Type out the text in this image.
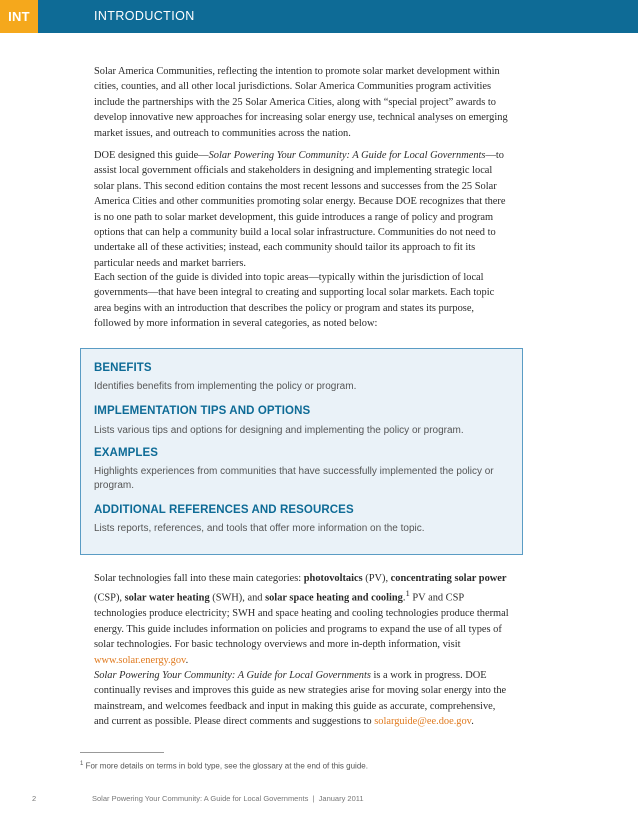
INT	INTRODUCTION

Solar America Communities, reflecting the intention to promote solar market development within cities, counties, and all other local jurisdictions. Solar America Communities program activities include the partnerships with the 25 Solar America Cities, along with “special project” awards to develop innovative new approaches for increasing solar energy use, technical analyses on emerging market issues, and outreach to communities across the nation.

DOE designed this guide—Solar Powering Your Community: A Guide for Local Governments—to assist local government officials and stakeholders in designing and implementing strategic local solar plans. This second edition contains the most recent lessons and successes from the 25 Solar America Cities and other communities promoting solar energy. Because DOE recognizes that there is no one path to solar market development, this guide introduces a range of policy and program options that can help a community build a local solar infrastructure. Communities do not need to undertake all of these activities; instead, each community should tailor its approach to fit its particular needs and market barriers.

Each section of the guide is divided into topic areas—typically within the jurisdiction of local governments—that have been integral to creating and supporting local solar markets. Each topic area begins with an introduction that describes the policy or program and states its purpose, followed by more information in several categories, as noted below:

BENEFITS

Identifies benefits from implementing the policy or program.

IMPLEMENTATION TIPS AND OPTIONS

Lists various tips and options for designing and implementing the policy or program.

EXAMPLES

Highlights experiences from communities that have successfully implemented the policy or program.

ADDITIONAL REFERENCES AND RESOURCES

Lists reports, references, and tools that offer more information on the topic.

Solar technologies fall into these main categories: photovoltaics (PV), concentrating solar power (CSP), solar water heating (SWH), and solar space heating and cooling.$^1$ PV and CSP technologies produce electricity; SWH and space heating and cooling technologies produce thermal energy. This guide includes information on policies and programs to expand the use of all types of solar technologies. For basic technology overviews and more in-depth information, visit www.solar.energy.gov.

Solar Powering Your Community: A Guide for Local Governments is a work in progress. DOE continually revises and improves this guide as new strategies arise for moving solar energy into the mainstream, and welcomes feedback and input in making this guide as accurate, comprehensive, and current as possible. Please direct comments and suggestions to solarguide@ee.doe.gov.

$^1$ For more details on terms in bold type, see the glossary at the end of this guide.

2	Solar Powering Your Community: A Guide for Local Governments  |  January 2011
